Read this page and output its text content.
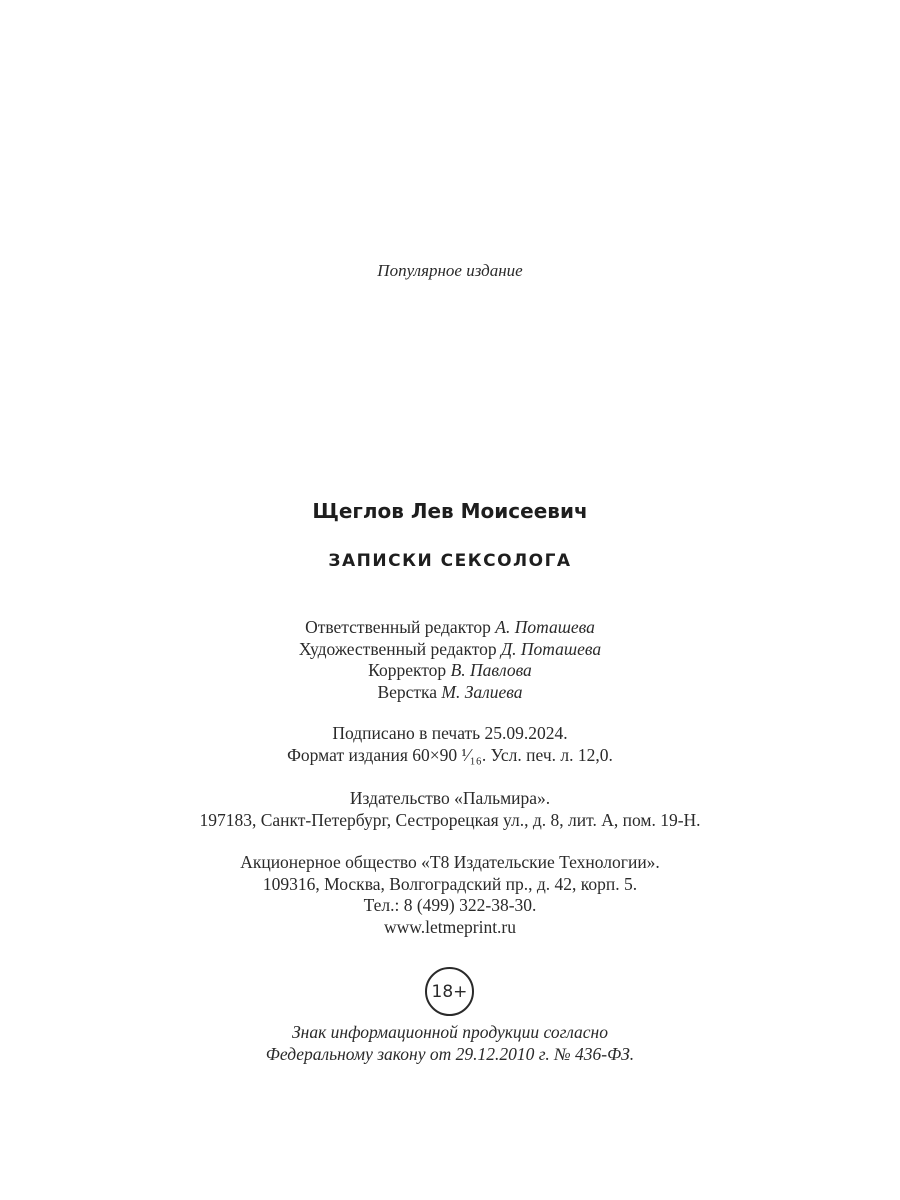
Популярное издание
Щеглов Лев Моисеевич
ЗАПИСКИ СЕКСОЛОГА
Ответственный редактор А. Поташева
Художественный редактор Д. Поташева
Корректор В. Павлова
Верстка М. Залиева
Подписано в печать 25.09.2024.
Формат издания 60×90 ¹⁄₁₆. Усл. печ. л. 12,0.
Издательство «Пальмира».
197183, Санкт-Петербург, Сестрорецкая ул., д. 8, лит. А, пом. 19-Н.
Акционерное общество «Т8 Издательские Технологии».
109316, Москва, Волгоградский пр., д. 42, корп. 5.
Тел.: 8 (499) 322-38-30.
www.letmeprint.ru
18+
Знак информационной продукции согласно
Федеральному закону от 29.12.2010 г. № 436-ФЗ.
